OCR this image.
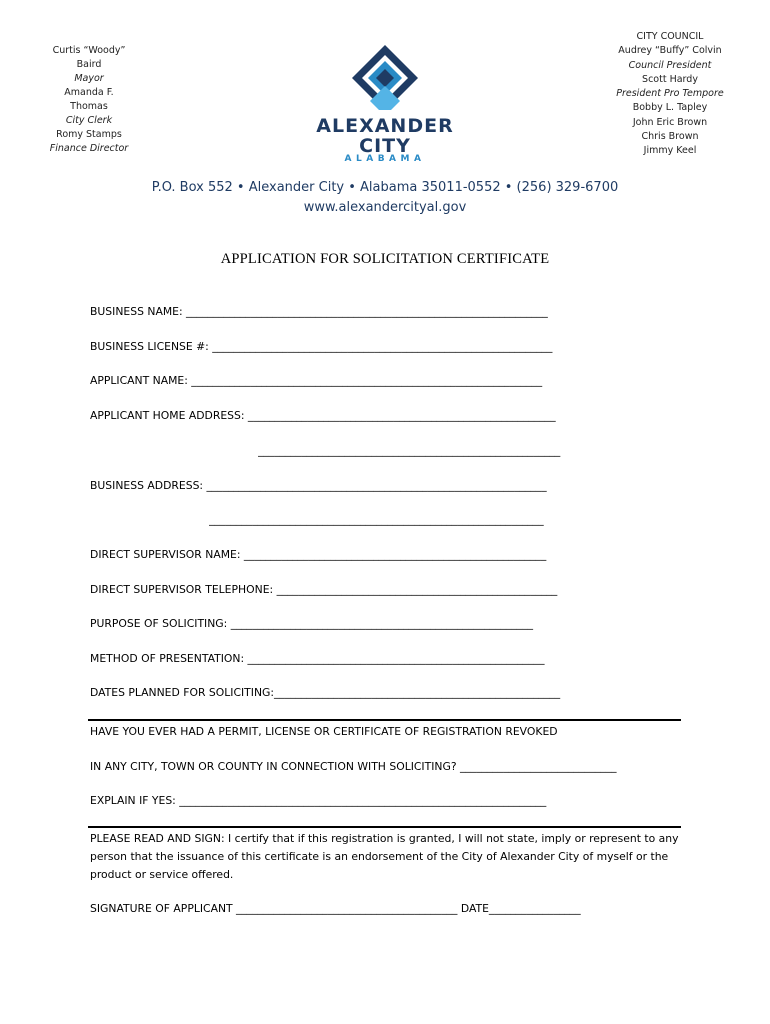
Curtis “Woody” Baird
Mayor
Amanda F. Thomas
City Clerk
Romy Stamps
Finance Director
ALEXANDER
CITY
ALABAMA
CITY COUNCIL
Audrey “Buffy” Colvin
Council President
Scott Hardy
President Pro Tempore
Bobby L. Tapley
John Eric Brown
Chris Brown
Jimmy Keel
P.O. Box 552 • Alexander City • Alabama 35011-0552 • (256) 329-6700
www.alexandercityal.gov
APPLICATION FOR SOLICITATION CERTIFICATE
BUSINESS NAME: ___________________________________________________________________
BUSINESS LICENSE #: _______________________________________________________________
APPLICANT NAME: _________________________________________________________________
APPLICANT HOME ADDRESS: _________________________________________________________
________________________________________________________
BUSINESS ADDRESS: _______________________________________________________________
______________________________________________________________
DIRECT SUPERVISOR NAME: ________________________________________________________
DIRECT SUPERVISOR TELEPHONE: ____________________________________________________
PURPOSE OF SOLICITING: ________________________________________________________
METHOD OF PRESENTATION: _______________________________________________________
DATES PLANNED FOR SOLICITING:_____________________________________________________
HAVE YOU EVER HAD A PERMIT, LICENSE OR CERTIFICATE OF REGISTRATION REVOKED
IN ANY CITY, TOWN OR COUNTY IN CONNECTION WITH SOLICITING? _____________________________
EXPLAIN IF YES: ____________________________________________________________________
PLEASE READ AND SIGN: I certify that if this registration is granted, I will not state, imply or represent to any person that the issuance of this certificate is an endorsement of the City of Alexander City of myself or the product or service offered.
SIGNATURE OF APPLICANT _________________________________________ DATE_________________
